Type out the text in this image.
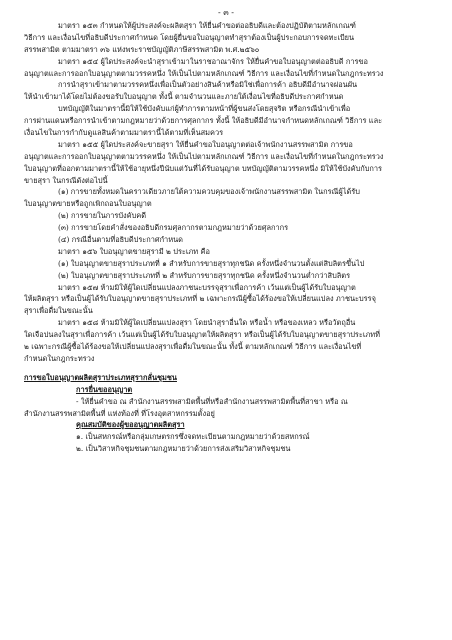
- ๓ -
มาตรา ๑๕๓ กำหนดให้ผู้ประสงค์จะผลิตสุรา ให้ยื่นคำขอต่ออธิบดีและต้องปฏิบัติตามหลักเกณฑ์
วิธีการ และเงื่อนไขที่อธิบดีประกาศกำหนด โดยผู้ยื่นขอใบอนุญาตทำสุราต้องเป็นผู้ประกอบการจดทะเบียน
สรรพสามิต ตามมาตรา ๓๖ แห่งพระราชบัญญัติภาษีสรรพสามิต พ.ศ.๒๕๖๐
มาตรา ๑๕๔ ผู้ใดประสงค์จะนำสุราเข้ามาในราชอาณาจักร ให้ยื่นคำขอใบอนุญาตต่ออธิบดี การขอ
อนุญาตและการออกใบอนุญาตตามวรรคหนึ่ง ให้เป็นไปตามหลักเกณฑ์ วิธีการ และเงื่อนไขที่กำหนดในกฎกระทรวง
การนำสุราเข้ามาตามวรรคหนึ่งเพื่อเป็นตัวอย่างสินค้าหรือมิใช่เพื่อการค้า อธิบดีมีอำนาจผ่อนผัน
ให้นำเข้ามาได้โดยไม่ต้องขอรับใบอนุญาต ทั้งนี้ ตามจำนวนและภายใต้เงื่อนไขที่อธิบดีประกาศกำหนด
บทบัญญัติในมาตรานี้มิให้ใช้บังคับแก่ผู้ทำการตามหน้าที่ผู้ขนส่งโดยสุจริต หรือกรณีนำเข้าเพื่อ
การผ่านแดนหรือการนำเข้าตามกฎหมายว่าด้วยการศุลกากร ทั้งนี้ ให้อธิบดีมีอำนาจกำหนดหลักเกณฑ์ วิธีการ และ
เงื่อนไขในการกำกับดูแลสินค้าตามมาตรานี้ได้ตามที่เห็นสมควร
มาตรา ๑๕๕ ผู้ใดประสงค์จะขายสุรา ให้ยื่นคำขอใบอนุญาตต่อเจ้าพนักงานสรรพสามิต การขอ
อนุญาตและการออกใบอนุญาตตามวรรคหนึ่ง ให้เป็นไปตามหลักเกณฑ์ วิธีการ และเงื่อนไขที่กำหนดในกฎกระทรวง
ใบอนุญาตที่ออกตามมาตรานี้ให้ใช้อายุหนึ่งปีนับแต่วันที่ได้รับอนุญาต บทบัญญัติตามวรรคหนึ่ง มิให้ใช้บังคับกับการ
ขายสุรา ในกรณีดังต่อไปนี้
(๑) การขายทั้งหมดในคราวเดียวภายใต้ความควบคุมของเจ้าพนักงานสรรพสามิต ในกรณีผู้ได้รับ
ใบอนุญาตขายหรือถูกเพิกถอนใบอนุญาต
(๒) การขายในการบังคับคดี
(๓) การขายโดยคำสั่งของอธิบดีกรมศุลกากรตามกฎหมายว่าด้วยศุลกากร
(๔) กรณีอื่นตามที่อธิบดีประกาศกำหนด
มาตรา ๑๕๖ ใบอนุญาตขายสุรามี ๒ ประเภท คือ
(๑) ใบอนุญาตขายสุราประเภทที่ ๑ สำหรับการขายสุราทุกชนิด ครั้งหนึ่งจำนวนตั้งแต่สิบลิตรขึ้นไป
(๒) ใบอนุญาตขายสุราประเภทที่ ๒ สำหรับการขายสุราทุกชนิด ครั้งหนึ่งจำนวนต่ำกว่าสิบลิตร
มาตรา ๑๕๗ ห้ามมิให้ผู้ใดเปลี่ยนแปลงภาชนะบรรจุสุราเพื่อการค้า เว้นแต่เป็นผู้ได้รับใบอนุญาต
ให้ผลิตสุรา หรือเป็นผู้ได้รับใบอนุญาตขายสุราประเภทที่ ๒ เฉพาะกรณีผู้ซื้อได้ร้องขอให้เปลี่ยนแปลง ภาชนะบรรจุ
สุราเพื่อดื่มในขณะนั้น
มาตรา ๑๕๘ ห้ามมิให้ผู้ใดเปลี่ยนแปลงสุรา โดยนำสุราอื่นใด หรือน้ำ หรือของเหลว หรือวัตถุอื่น
ใดเจือปนลงในสุราเพื่อการค้า เว้นแต่เป็นผู้ได้รับใบอนุญาตให้ผลิตสุรา หรือเป็นผู้ได้รับใบอนุญาตขายสุราประเภทที่
๒ เฉพาะกรณีผู้ซื้อได้ร้องขอให้เปลี่ยนแปลงสุราเพื่อดื่มในขณะนั้น ทั้งนี้ ตามหลักเกณฑ์ วิธีการ และเงื่อนไขที่
กำหนดในกฎกระทรวง
การขอใบอนุญาตผลิตสุราประเภทสุรากลั่นชุมชน
การยื่นขออนุญาต
- ให้ยื่นคำขอ ณ สำนักงานสรรพสามิตพื้นที่หรือสำนักงานสรรพสามิตพื้นที่สาขา หรือ ณ
สำนักงานสรรพสามิตพื้นที่ แห่งท้องที่ ที่โรงอุตสาหกรรมตั้งอยู่
คุณสมบัติของผู้ขออนุญาตผลิตสุรา
๑. เป็นสหกรณ์หรือกลุ่มเกษตรกรซึ่งจดทะเบียนตามกฎหมายว่าด้วยสหกรณ์
๒. เป็นวิสาหกิจชุมชนตามกฎหมายว่าด้วยการส่งเสริมวิสาหกิจชุมชน
